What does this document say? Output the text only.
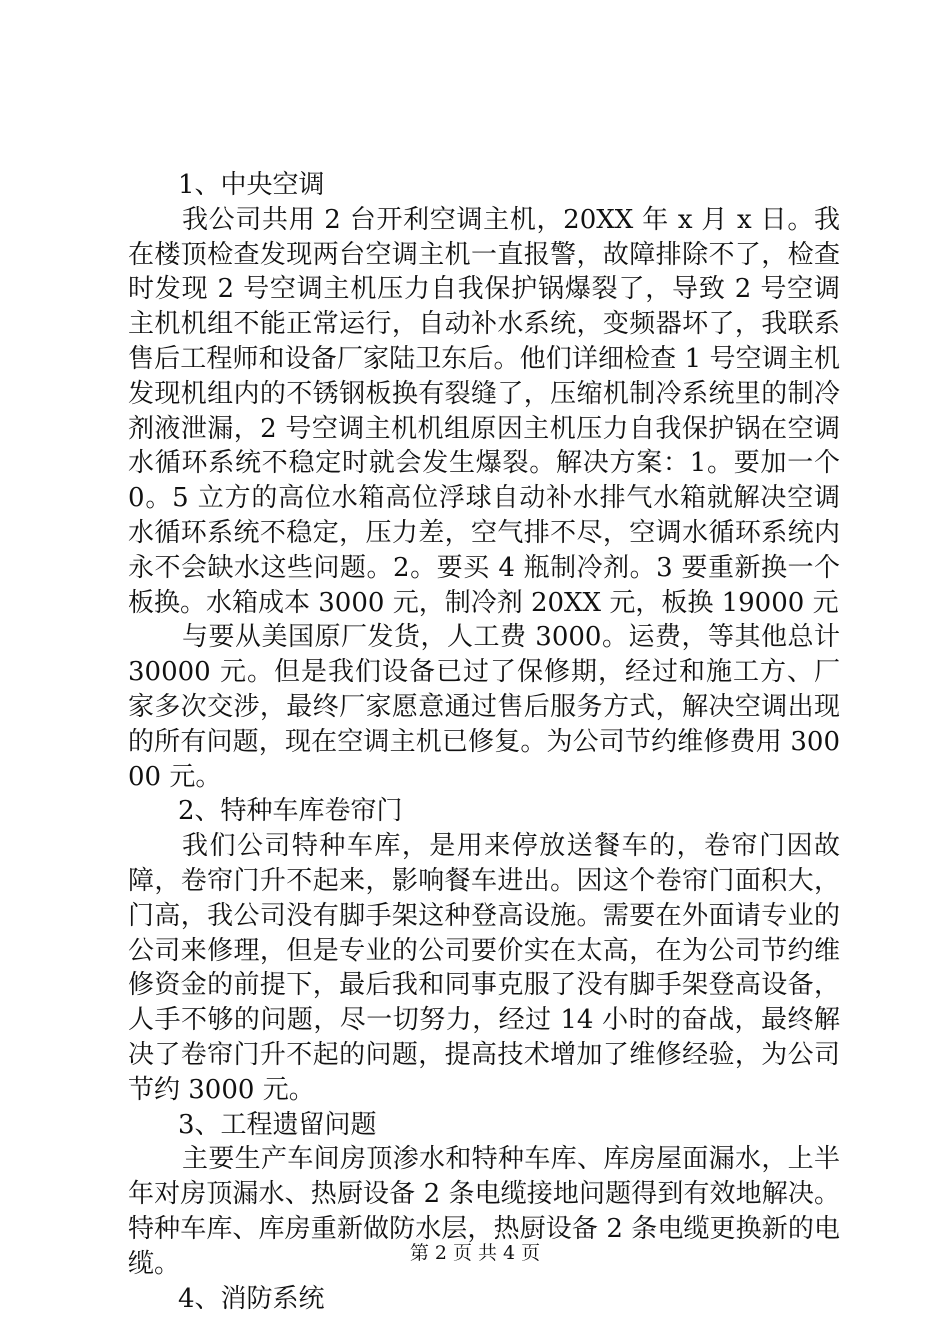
1、中央空调

我公司共用 2 台开利空调主机，20XX 年 x 月 x 日。我在楼顶检查发现两台空调主机一直报警，故障排除不了，检查时发现 2 号空调主机压力自我保护锅爆裂了，导致 2 号空调主机机组不能正常运行，自动补水系统，变频器坏了，我联系售后工程师和设备厂家陆卫东后。他们详细检查 1 号空调主机发现机组内的不锈钢板换有裂缝了，压缩机制冷系统里的制冷剂液泄漏，2 号空调主机机组原因主机压力自我保护锅在空调水循环系统不稳定时就会发生爆裂。解决方案：1。要加一个 0。5 立方的高位水箱高位浮球自动补水排气水箱就解决空调水循环系统不稳定，压力差，空气排不尽，空调水循环系统内永不会缺水这些问题。2。要买 4 瓶制冷剂。3 要重新换一个板换。水箱成本 3000 元，制冷剂 20XX 元，板换 19000 元

与要从美国原厂发货，人工费 3000。运费，等其他总计 30000 元。但是我们设备已过了保修期，经过和施工方、厂家多次交涉，最终厂家愿意通过售后服务方式，解决空调出现的所有问题，现在空调主机已修复。为公司节约维修费用 30000 元。

2、特种车库卷帘门

我们公司特种车库，是用来停放送餐车的，卷帘门因故障，卷帘门升不起来，影响餐车进出。因这个卷帘门面积大，门高，我公司没有脚手架这种登高设施。需要在外面请专业的公司来修理，但是专业的公司要价实在太高，在为公司节约维修资金的前提下，最后我和同事克服了没有脚手架登高设备，人手不够的问题，尽一切努力，经过 14 小时的奋战，最终解决了卷帘门升不起的问题，提高技术增加了维修经验，为公司节约 3000 元。

3、工程遗留问题

主要生产车间房顶渗水和特种车库、库房屋面漏水，上半年对房顶漏水、热厨设备 2 条电缆接地问题得到有效地解决。特种车库、库房重新做防水层，热厨设备 2 条电缆更换新的电缆。

4、消防系统

第 2 页 共 4 页
